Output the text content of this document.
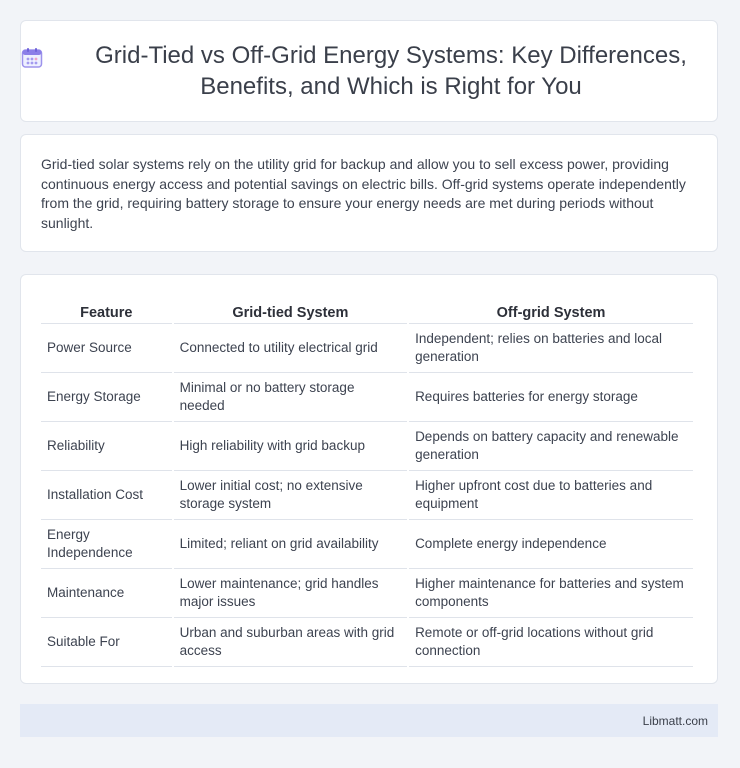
Grid-Tied vs Off-Grid Energy Systems: Key Differences, Benefits, and Which is Right for You

Grid-tied solar systems rely on the utility grid for backup and allow you to sell excess power, providing continuous energy access and potential savings on electric bills. Off-grid systems operate independently from the grid, requiring battery storage to ensure your energy needs are met during periods without sunlight.

Feature	Grid-tied System	Off-grid System
Power Source	Connected to utility electrical grid	Independent; relies on batteries and local generation
Energy Storage	Minimal or no battery storage needed	Requires batteries for energy storage
Reliability	High reliability with grid backup	Depends on battery capacity and renewable generation
Installation Cost	Lower initial cost; no extensive storage system	Higher upfront cost due to batteries and equipment
Energy Independence	Limited; reliant on grid availability	Complete energy independence
Maintenance	Lower maintenance; grid handles major issues	Higher maintenance for batteries and system components
Suitable For	Urban and suburban areas with grid access	Remote or off-grid locations without grid connection
Libmatt.com
